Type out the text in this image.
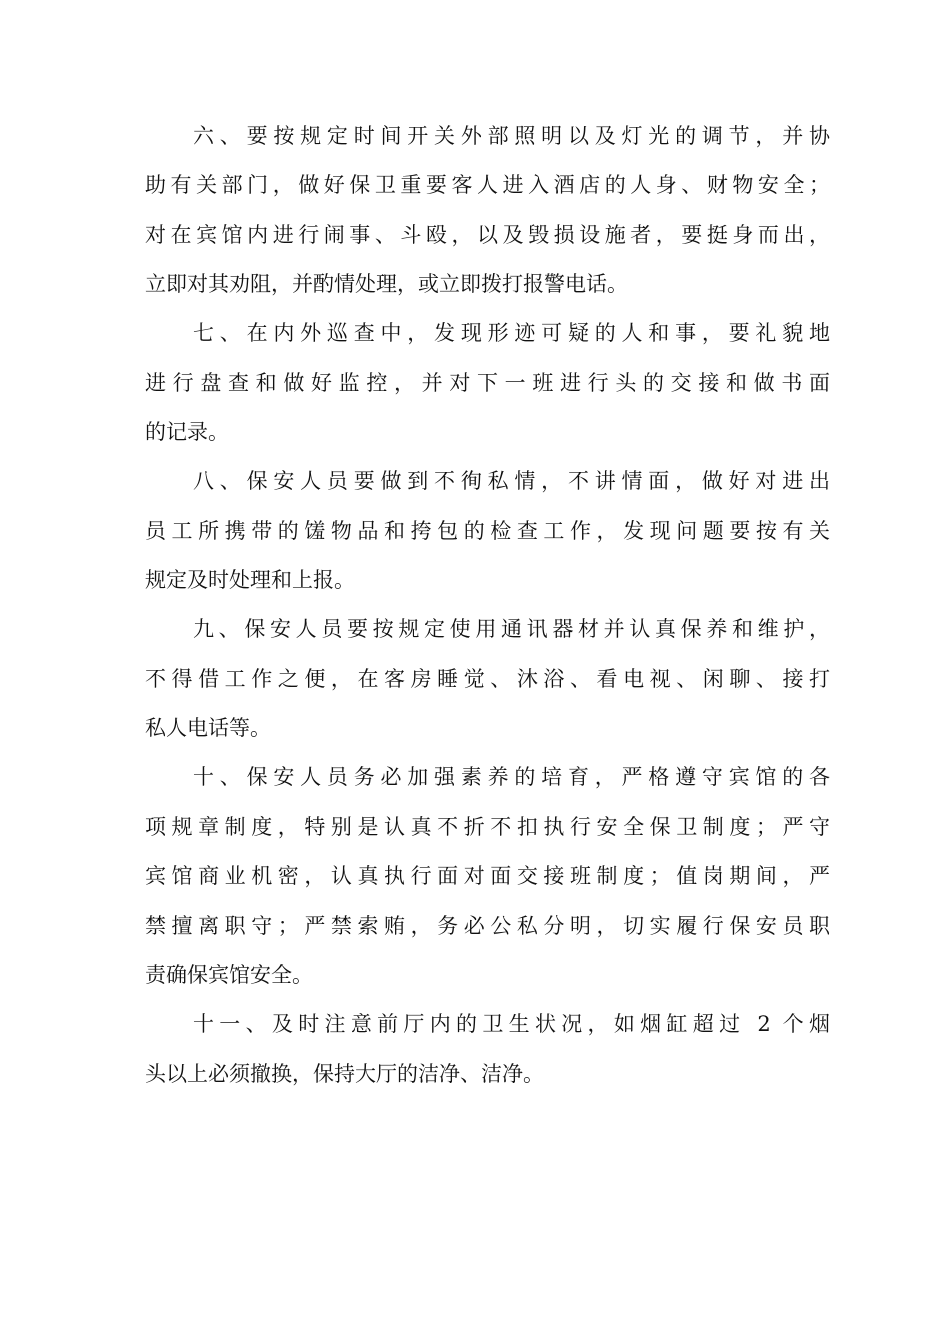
六、要按规定时间开关外部照明以及灯光的调节，并协
助有关部门，做好保卫重要客人进入酒店的人身、财物安全；
对在宾馆内进行闹事、斗殴，以及毁损设施者，要挺身而出，
立即对其劝阻，并酌情处理，或立即拨打报警电话。
七、在内外巡查中，发现形迹可疑的人和事，要礼貌地
进行盘查和做好监控，并对下一班进行头的交接和做书面
的记录。
八、保安人员要做到不徇私情，不讲情面，做好对进出
员工所携带的馐物品和挎包的检查工作，发现问题要按有关
规定及时处理和上报。
九、保安人员要按规定使用通讯器材并认真保养和维护，
不得借工作之便，在客房睡觉、沐浴、看电视、闲聊、接打
私人电话等。
十、保安人员务必加强素养的培育，严格遵守宾馆的各
项规章制度，特别是认真不折不扣执行安全保卫制度；严守
宾馆商业机密，认真执行面对面交接班制度；值岗期间，严
禁擅离职守；严禁索贿，务必公私分明，切实履行保安员职
责确保宾馆安全。
十一、及时注意前厅内的卫生状况，如烟缸超过 2 个烟
头以上必须撤换，保持大厅的洁净、洁净。
